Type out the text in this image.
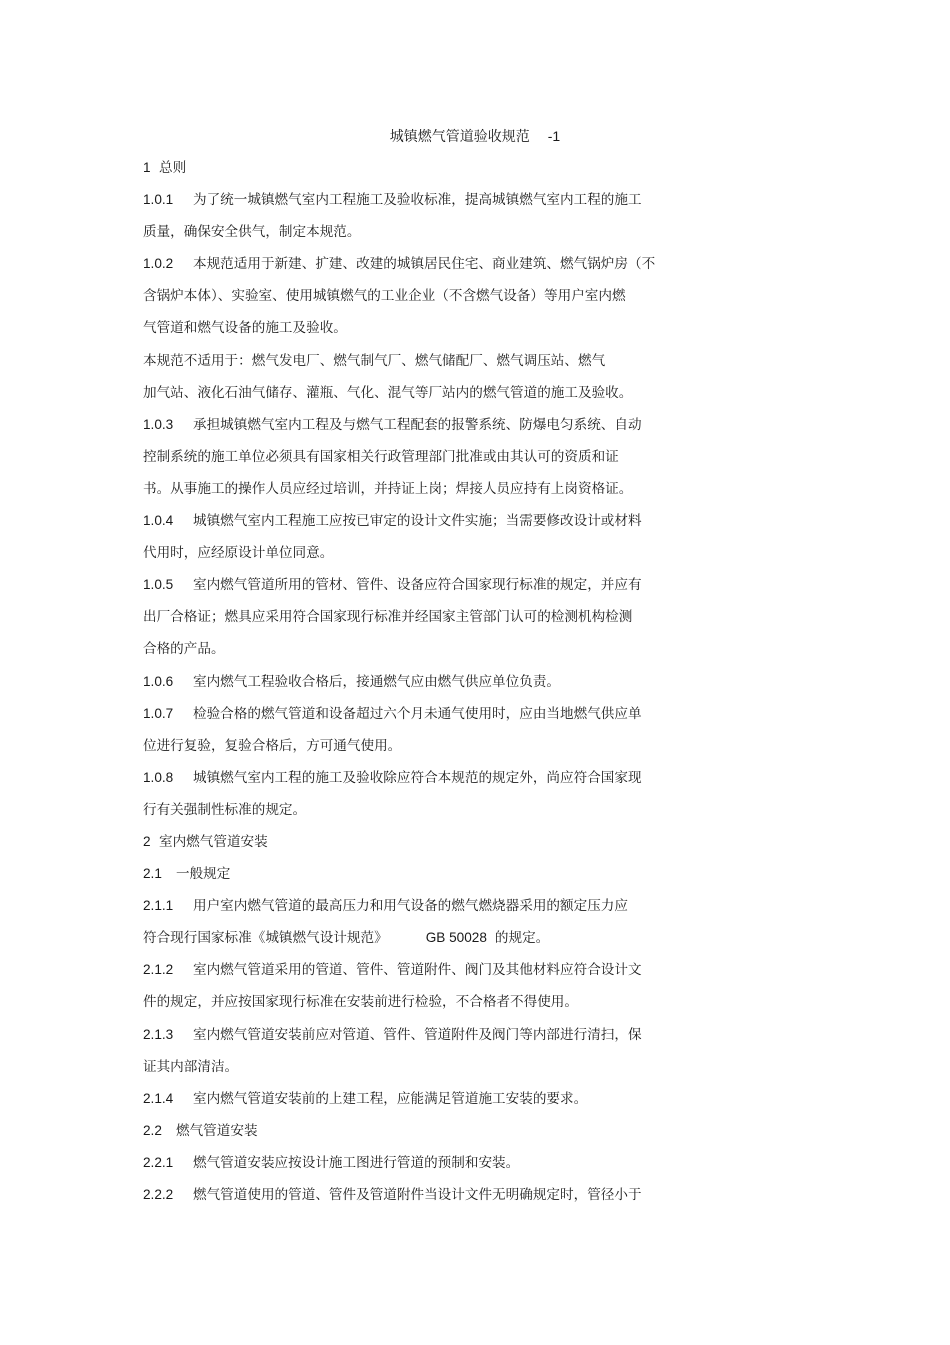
城镇燃气管道验收规范 -1
1 总则
1.0.1 为了统一城镇燃气室内工程施工及验收标准，提高城镇燃气室内工程的施工
质量，确保安全供气，制定本规范。
1.0.2 本规范适用于新建、扩建、改建的城镇居民住宅、商业建筑、燃气锅炉房（不
含锅炉本体）、实验室、使用城镇燃气的工业企业（不含燃气设备）等用户室内燃
气管道和燃气设备的施工及验收。
本规范不适用于：燃气发电厂、燃气制气厂、燃气储配厂、燃气调压站、燃气
加气站、液化石油气储存、灌瓶、气化、混气等厂站内的燃气管道的施工及验收。
1.0.3 承担城镇燃气室内工程及与燃气工程配套的报警系统、防爆电匀系统、自动
控制系统的施工单位必须具有国家相关行政管理部门批准或由其认可的资质和证
书。从事施工的操作人员应经过培训，并持证上岗；焊接人员应持有上岗资格证。
1.0.4 城镇燃气室内工程施工应按已审定的设计文件实施；当需要修改设计或材料
代用时，应经原设计单位同意。
1.0.5 室内燃气管道所用的管材、管件、设备应符合国家现行标准的规定，并应有
出厂合格证；燃具应采用符合国家现行标准并经国家主管部门认可的检测机构检测
合格的产品。
1.0.6 室内燃气工程验收合格后，接通燃气应由燃气供应单位负责。
1.0.7 检验合格的燃气管道和设备超过六个月未通气使用时，应由当地燃气供应单
位进行复验，复验合格后，方可通气使用。
1.0.8 城镇燃气室内工程的施工及验收除应符合本规范的规定外，尚应符合国家现
行有关强制性标准的规定。
2 室内燃气管道安装
2.1 一般规定
2.1.1 用户室内燃气管道的最高压力和用气设备的燃气燃烧器采用的额定压力应
符合现行国家标准《城镇燃气设计规范》	GB 50028 的规定。
2.1.2 室内燃气管道采用的管道、管件、管道附件、阀门及其他材料应符合设计文
件的规定，并应按国家现行标准在安装前进行检验，不合格者不得使用。
2.1.3 室内燃气管道安装前应对管道、管件、管道附件及阀门等内部进行清扫，保
证其内部清洁。
2.1.4 室内燃气管道安装前的上建工程，应能满足管道施工安装的要求。
2.2 燃气管道安装
2.2.1 燃气管道安装应按设计施工图进行管道的预制和安装。
2.2.2 燃气管道使用的管道、管件及管道附件当设计文件无明确规定时，管径小于
